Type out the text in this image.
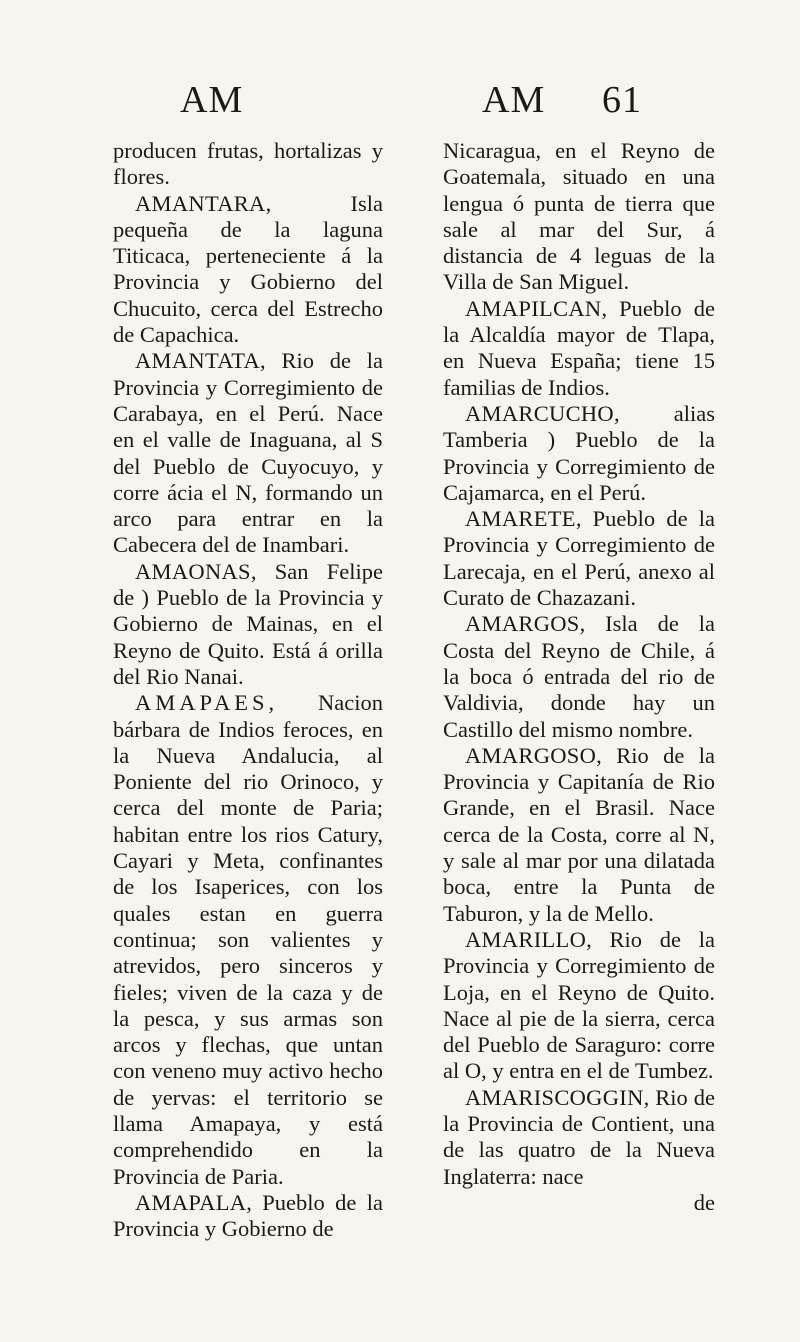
AM	AM 61

producen frutas, hortalizas y flores.

AMANTARA, Isla pequeña de la laguna Titicaca, perteneciente á la Provincia y Gobierno del Chucuito, cerca del Estrecho de Capachica.

AMANTATA, Rio de la Provincia y Corregimiento de Carabaya, en el Perú. Nace en el valle de Inaguana, al S del Pueblo de Cuyocuyo, y corre ácia el N, formando un arco para entrar en la Cabecera del de Inambari.

AMAONAS, San Felipe de ) Pueblo de la Provincia y Gobierno de Mainas, en el Reyno de Quito. Está á orilla del Rio Nanai.

AMAPAES, Nacion bárbara de Indios feroces, en la Nueva Andalucia, al Poniente del rio Orinoco, y cerca del monte de Paria; habitan entre los rios Catury, Cayari y Meta, confinantes de los Isaperices, con los quales estan en guerra continua; son valientes y atrevidos, pero sinceros y fieles; viven de la caza y de la pesca, y sus armas son arcos y flechas, que untan con veneno muy activo hecho de yervas: el territorio se llama Amapaya, y está comprehendido en la Provincia de Paria.

AMAPALA, Pueblo de la Provincia y Gobierno de

Nicaragua, en el Reyno de Goatemala, situado en una lengua ó punta de tierra que sale al mar del Sur, á distancia de 4 leguas de la Villa de San Miguel.

AMAPILCAN, Pueblo de la Alcaldía mayor de Tlapa, en Nueva España; tiene 15 familias de Indios.

AMARCUCHO, alias Tamberia ) Pueblo de la Provincia y Corregimiento de Cajamarca, en el Perú.

AMARETE, Pueblo de la Provincia y Corregimiento de Larecaja, en el Perú, anexo al Curato de Chazazani.

AMARGOS, Isla de la Costa del Reyno de Chile, á la boca ó entrada del rio de Valdivia, donde hay un Castillo del mismo nombre.

AMARGOSO, Rio de la Provincia y Capitanía de Rio Grande, en el Brasil. Nace cerca de la Costa, corre al N, y sale al mar por una dilatada boca, entre la Punta de Taburon, y la de Mello.

AMARILLO, Rio de la Provincia y Corregimiento de Loja, en el Reyno de Quito. Nace al pie de la sierra, cerca del Pueblo de Saraguro: corre al O, y entra en el de Tumbez.

AMARISCOGGIN, Rio de la Provincia de Contient, una de las quatro de la Nueva Inglaterra: nace

de
